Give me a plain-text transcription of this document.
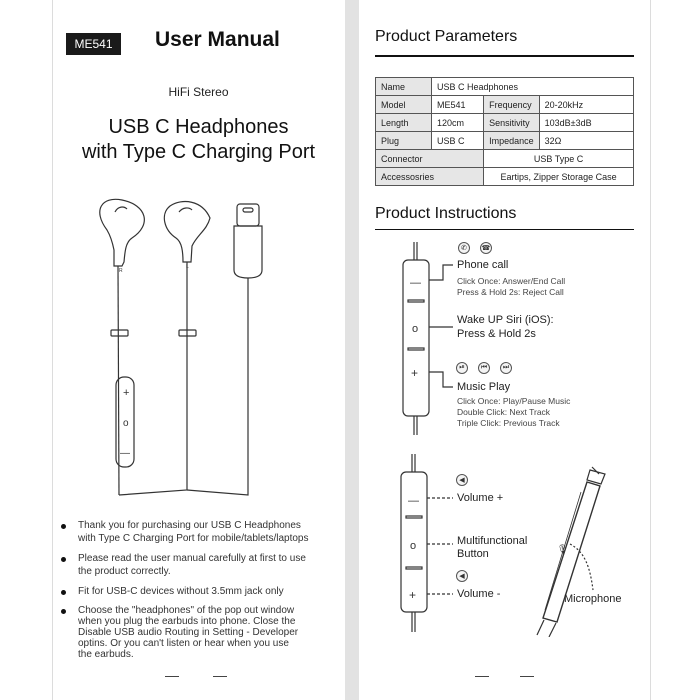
ME541	User Manual
HiFi Stereo
USB C Headphones
with Type C Charging Port
+
o
—
R
L
Thank you for purchasing our USB C Headphones
with Type C Charging Port for mobile/tablets/laptops
Please read the user manual carefully at first to use
the product correctly.
Fit for USB-C devices without 3.5mm jack only
Choose the "headphones" of the pop out window
when you plug the earbuds into phone. Close the
Disable USB audio Routing in Setting - Developer
optins. Or you can't listen or hear when you use
the earbuds.
Product Parameters
Name	USB C Headphones		
Model	ME541	Frequency	20-20kHz
Length	120cm	Sensitivity	103dB±3dB
Plug	USB C	Impedance	32Ω
Connector		USB Type C	
Accessosries		Eartips, Zipper Storage Case	
Product Instructions
—
o
+
✆	☎
Phone call
Click Once: Answer/End Call
Press & Hold 2s: Reject Call
Wake UP Siri (iOS):
Press & Hold 2s
⏯	⏮	⏭
Music Play
Click Once: Play/Pause Music
Double Click: Next Track
Triple Click: Previous Track
—
o
+
🎙
◀
Volume +
Multifunctional
Button
◀
Volume -	Microphone
